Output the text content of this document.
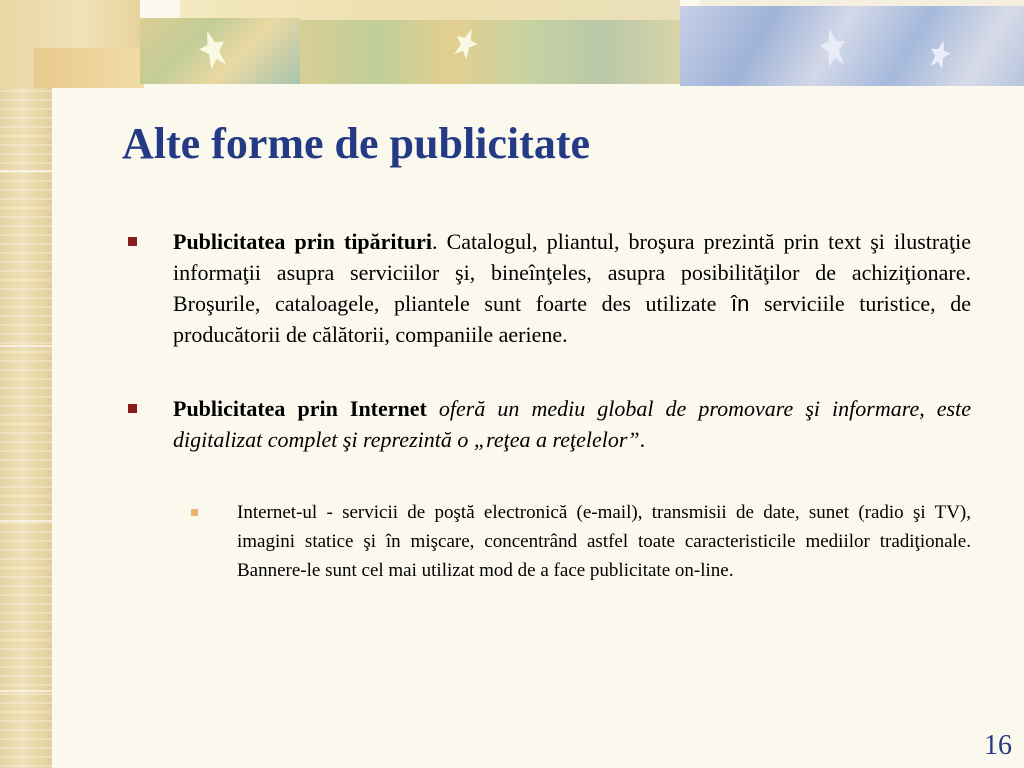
Alte forme de publicitate
Publicitatea prin tipărituri. Catalogul, pliantul, broşura prezintă prin text şi ilustraţie informaţii asupra serviciilor şi, bineînţeles, asupra posibilităţilor de achiziţionare. Broşurile, cataloagele, pliantele sunt foarte des utilizate în serviciile turistice, de producătorii de călătorii, companiile aeriene.
Publicitatea prin Internet oferă un mediu global de promovare şi informare, este digitalizat complet şi reprezintă o „reţea a reţelelor”.
Internet-ul - servicii de poştă electronică (e-mail), transmisii de date, sunet (radio şi TV), imagini statice şi în mişcare, concentrând astfel toate caracteristicile mediilor tradiţionale. Bannere-le sunt cel mai utilizat mod de a face publicitate on-line.
16
